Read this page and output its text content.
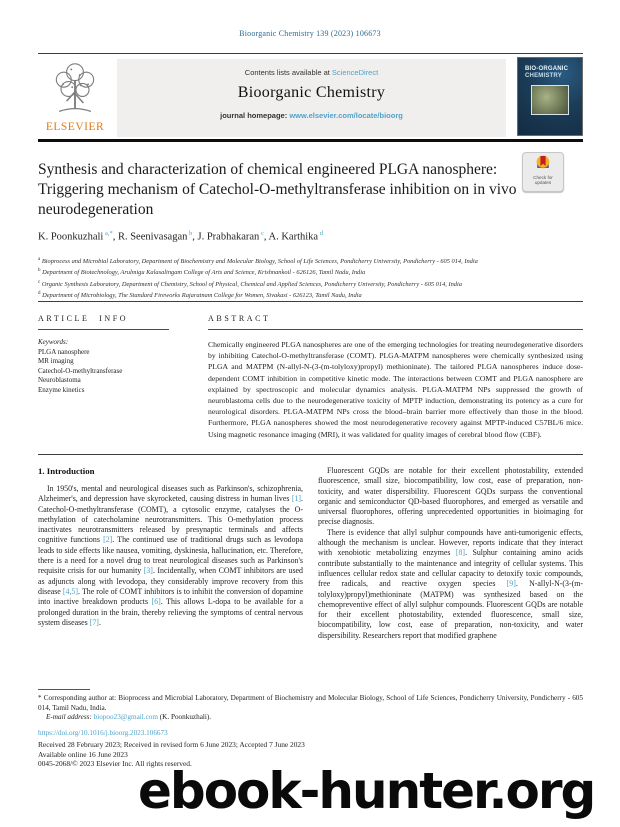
Bioorganic Chemistry 139 (2023) 106673
ELSEVIER
Contents lists available at ScienceDirect
Bioorganic Chemistry
journal homepage: www.elsevier.com/locate/bioorg
BIO-ORGANIC
CHEMISTRY
Synthesis and characterization of chemical engineered PLGA nanosphere: Triggering mechanism of Catechol-O-methyltransferase inhibition on in vivo neurodegeneration
Check for
updates
K. Poonkuzhali $^{a,*}$, R. Seenivasagan $^b$, J. Prabhakaran $^c$, A. Karthika $^d$
$^a$ Bioprocess and Microbial Laboratory, Department of Biochemistry and Molecular Biology, School of Life Sciences, Pondicherry University, Pondicherry - 605 014, India
$^b$ Department of Biotechnology, Arulmigu Kalasalingam College of Arts and Science, Krishnankoil - 626126, Tamil Nadu, India
$^c$ Organic Synthesis Laboratory, Department of Chemistry, School of Physical, Chemical and Applied Sciences, Pondicherry University, Pondicherry - 605 014, India
$^d$ Department of Microbiology, The Standard Fireworks Rajaratnam College for Women, Sivakasi - 626123, Tamil Nadu, India
ARTICLE INFO
Keywords:
PLGA nanosphere
MR imaging
Catechol-O-methyltransferase
Neuroblastoma
Enzyme kinetics
ABSTRACT
Chemically engineered PLGA nanospheres are one of the emerging technologies for treating neurodegenerative disorders by inhibiting Catechol-O-methyltransferase (COMT). PLGA-MATPM nanospheres were chemically synthesized using PLGA and MATPM (N-allyl-N-(3-(m-tolyloxy)propyl) methioninate). The tailored PLGA nanospheres induce dose-dependent COMT inhibition in competitive kinetic mode. The interactions between COMT and PLGA nanosphere are explained by spectroscopic and molecular dynamics analysis. PLGA-MATPM NPs suppressed the growth of neuroblastoma cells due to the neurodegenerative toxicity of MPTP induction, demonstrating its potency as a cure for neurological disorders. PLGA-MATPM NPs cross the blood–brain barrier more effectively than those in the blood. Furthermore, PLGA nanospheres showed the most neurodegenerative recovery against MPTP-induced C57BL/6 mice. Using magnetic resonance imaging (MRI), it was validated for quality images of cerebral blood flow (CBF).
1. Introduction

In 1950's, mental and neurological diseases such as Parkinson's, schizophrenia, Alzheimer's, and depression have skyrocketed, causing distress in human lives [1]. Catechol-O-methyltransferase (COMT), a cytosolic enzyme, catalyses the O-methylation of catecholamine neurotransmitters. This O-methylation process inactivates neurotransmitters released by presynaptic terminals and affects cognitive functions [2]. The continued use of traditional drugs such as levodopa leads to side effects like nausea, vomiting, dyskinesia, hallucination, etc. Therefore, there is a need for a novel drug to treat neurological diseases such as Parkinson's requisite crisis for our humanity [3]. Incidentally, when COMT inhibitors are used as adjuncts along with levodopa, they considerably improve recovery from this disease [4,5]. The role of COMT inhibitors is to inhibit the conversion of dopamine into inactive breakdown products [6]. This allows L-dopa to be available for a prolonged duration in the brain, thereby relieving the symptoms of central nervous system diseases [7].

Fluorescent GQDs are notable for their excellent photostability, extended fluorescence, small size, biocompatibility, low cost, ease of preparation, non-toxicity, and water dispersibility. Fluorescent GQDs surpass the conventional organic and semiconductor QD-based fluorophores, and emerged as versatile and universal fluorophores, offering unprecedented opportunities in bioimaging for precise diagnosis.

There is evidence that allyl sulphur compounds have anti-tumorigenic effects, although the mechanism is unclear. However, reports indicate that they interact with xenobiotic metabolizing enzymes [8]. Sulphur containing amino acids contribute substantially to the maintenance and integrity of cellular systems. This influences cellular redox state and cellular capacity to detoxify toxic compounds, free radicals, and reactive oxygen species [9]. N-allyl-N-(3-(m-tolyloxy)propyl)methioninate (MATPM) was synthesized based on the chemopreventive effect of allyl sulphur compounds. Fluorescent GQDs are notable for their excellent photostability, extended fluorescence, small size, biocompatibility, low cost, ease of preparation, non-toxicity, and water dispersibility. Researchers report that modified graphene

* Corresponding author at: Bioprocess and Microbial Laboratory, Department of Biochemistry and Molecular Biology, School of Life Sciences, Pondicherry University, Pondicherry - 605 014, Tamil Nadu, India.
E-mail address: biopoo23@gmail.com (K. Poonkuzhali).
https://doi.org/10.1016/j.bioorg.2023.106673
Received 28 February 2023; Received in revised form 6 June 2023; Accepted 7 June 2023
Available online 16 June 2023
0045-2068/© 2023 Elsevier Inc. All rights reserved.
ebook-hunter.org
